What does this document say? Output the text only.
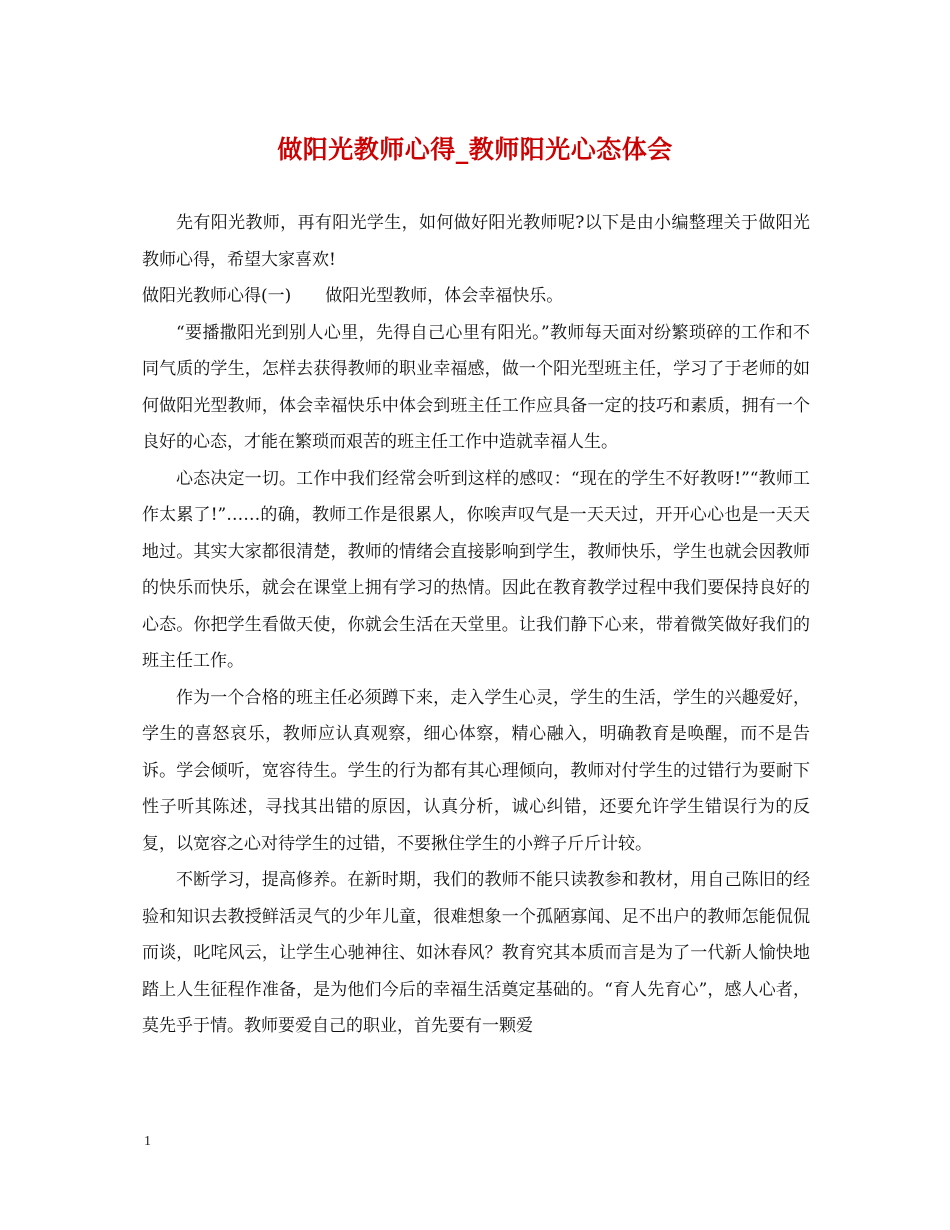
做阳光教师心得_教师阳光心态体会

先有阳光教师，再有阳光学生，如何做好阳光教师呢?以下是由小编整理关于做阳光教师心得，希望大家喜欢!

做阳光教师心得(一)　　做阳光型教师，体会幸福快乐。

“要播撒阳光到别人心里，先得自己心里有阳光。”教师每天面对纷繁琐碎的工作和不同气质的学生，怎样去获得教师的职业幸福感，做一个阳光型班主任，学习了于老师的如何做阳光型教师，体会幸福快乐中体会到班主任工作应具备一定的技巧和素质，拥有一个良好的心态，才能在繁琐而艰苦的班主任工作中造就幸福人生。

心态决定一切。工作中我们经常会听到这样的感叹：“现在的学生不好教呀!”“教师工作太累了!”……的确，教师工作是很累人，你唉声叹气是一天天过，开开心心也是一天天地过。其实大家都很清楚，教师的情绪会直接影响到学生，教师快乐，学生也就会因教师的快乐而快乐，就会在课堂上拥有学习的热情。因此在教育教学过程中我们要保持良好的心态。你把学生看做天使，你就会生活在天堂里。让我们静下心来，带着微笑做好我们的班主任工作。

作为一个合格的班主任必须蹲下来，走入学生心灵，学生的生活，学生的兴趣爱好，学生的喜怒哀乐，教师应认真观察，细心体察，精心融入，明确教育是唤醒，而不是告诉。学会倾听，宽容待生。学生的行为都有其心理倾向，教师对付学生的过错行为要耐下性子听其陈述，寻找其出错的原因，认真分析，诚心纠错，还要允许学生错误行为的反复，以宽容之心对待学生的过错，不要揪住学生的小辫子斤斤计较。

不断学习，提高修养。在新时期，我们的教师不能只读教参和教材，用自己陈旧的经验和知识去教授鲜活灵气的少年儿童，很难想象一个孤陋寡闻、足不出户的教师怎能侃侃而谈，叱咤风云，让学生心驰神往、如沐春风？教育究其本质而言是为了一代新人愉快地踏上人生征程作准备，是为他们今后的幸福生活奠定基础的。“育人先育心”，感人心者，莫先乎于情。教师要爱自己的职业，首先要有一颗爱

1
